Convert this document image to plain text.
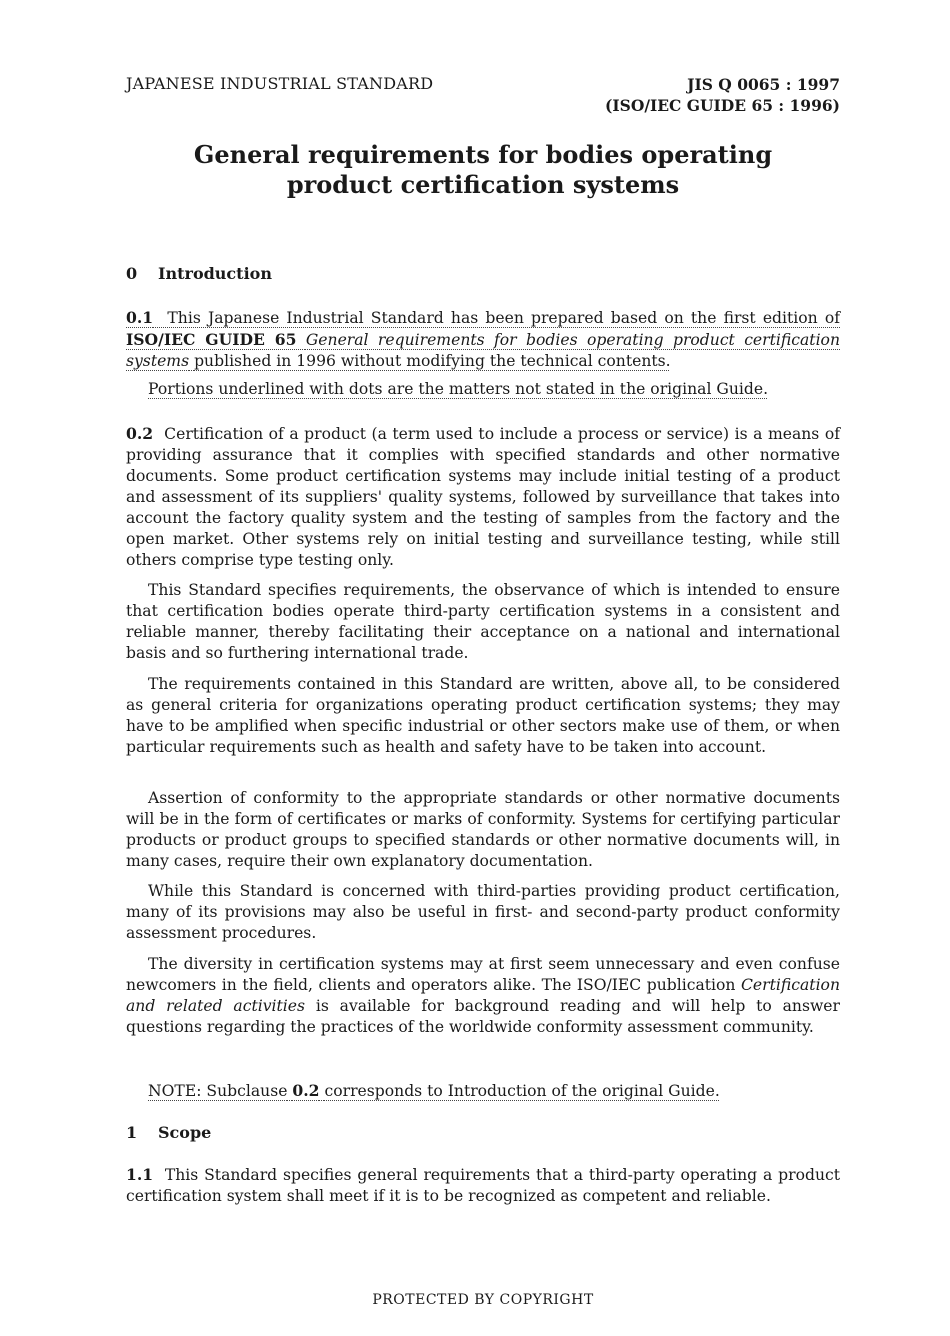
JAPANESE INDUSTRIAL STANDARD	JIS Q 0065 : 1997
(ISO/IEC GUIDE 65 : 1996)
General requirements for bodies operating
product certification systems
0 Introduction
0.1 This Japanese Industrial Standard has been prepared based on the first edition of ISO/IEC GUIDE 65 General requirements for bodies operating product certification systems published in 1996 without modifying the technical contents.
Portions underlined with dots are the matters not stated in the original Guide.
0.2 Certification of a product (a term used to include a process or service) is a means of providing assurance that it complies with specified standards and other normative documents. Some product certification systems may include initial testing of a product and assessment of its suppliers' quality systems, followed by surveillance that takes into account the factory quality system and the testing of samples from the factory and the open market. Other systems rely on initial testing and surveillance testing, while still others comprise type testing only.
This Standard specifies requirements, the observance of which is intended to ensure that certification bodies operate third-party certification systems in a consistent and reliable manner, thereby facilitating their acceptance on a national and international basis and so furthering international trade.
The requirements contained in this Standard are written, above all, to be considered as general criteria for organizations operating product certification systems; they may have to be amplified when specific industrial or other sectors make use of them, or when particular requirements such as health and safety have to be taken into account.
Assertion of conformity to the appropriate standards or other normative documents will be in the form of certificates or marks of conformity. Systems for certifying particular products or product groups to specified standards or other normative documents will, in many cases, require their own explanatory documentation.
While this Standard is concerned with third-parties providing product certification, many of its provisions may also be useful in first- and second-party product conformity assessment procedures.
The diversity in certification systems may at first seem unnecessary and even confuse newcomers in the field, clients and operators alike. The ISO/IEC publication Certification and related activities is available for background reading and will help to answer questions regarding the practices of the worldwide conformity assessment community.
NOTE: Subclause 0.2 corresponds to Introduction of the original Guide.
1 Scope
1.1 This Standard specifies general requirements that a third-party operating a product certification system shall meet if it is to be recognized as competent and reliable.
PROTECTED BY COPYRIGHT
